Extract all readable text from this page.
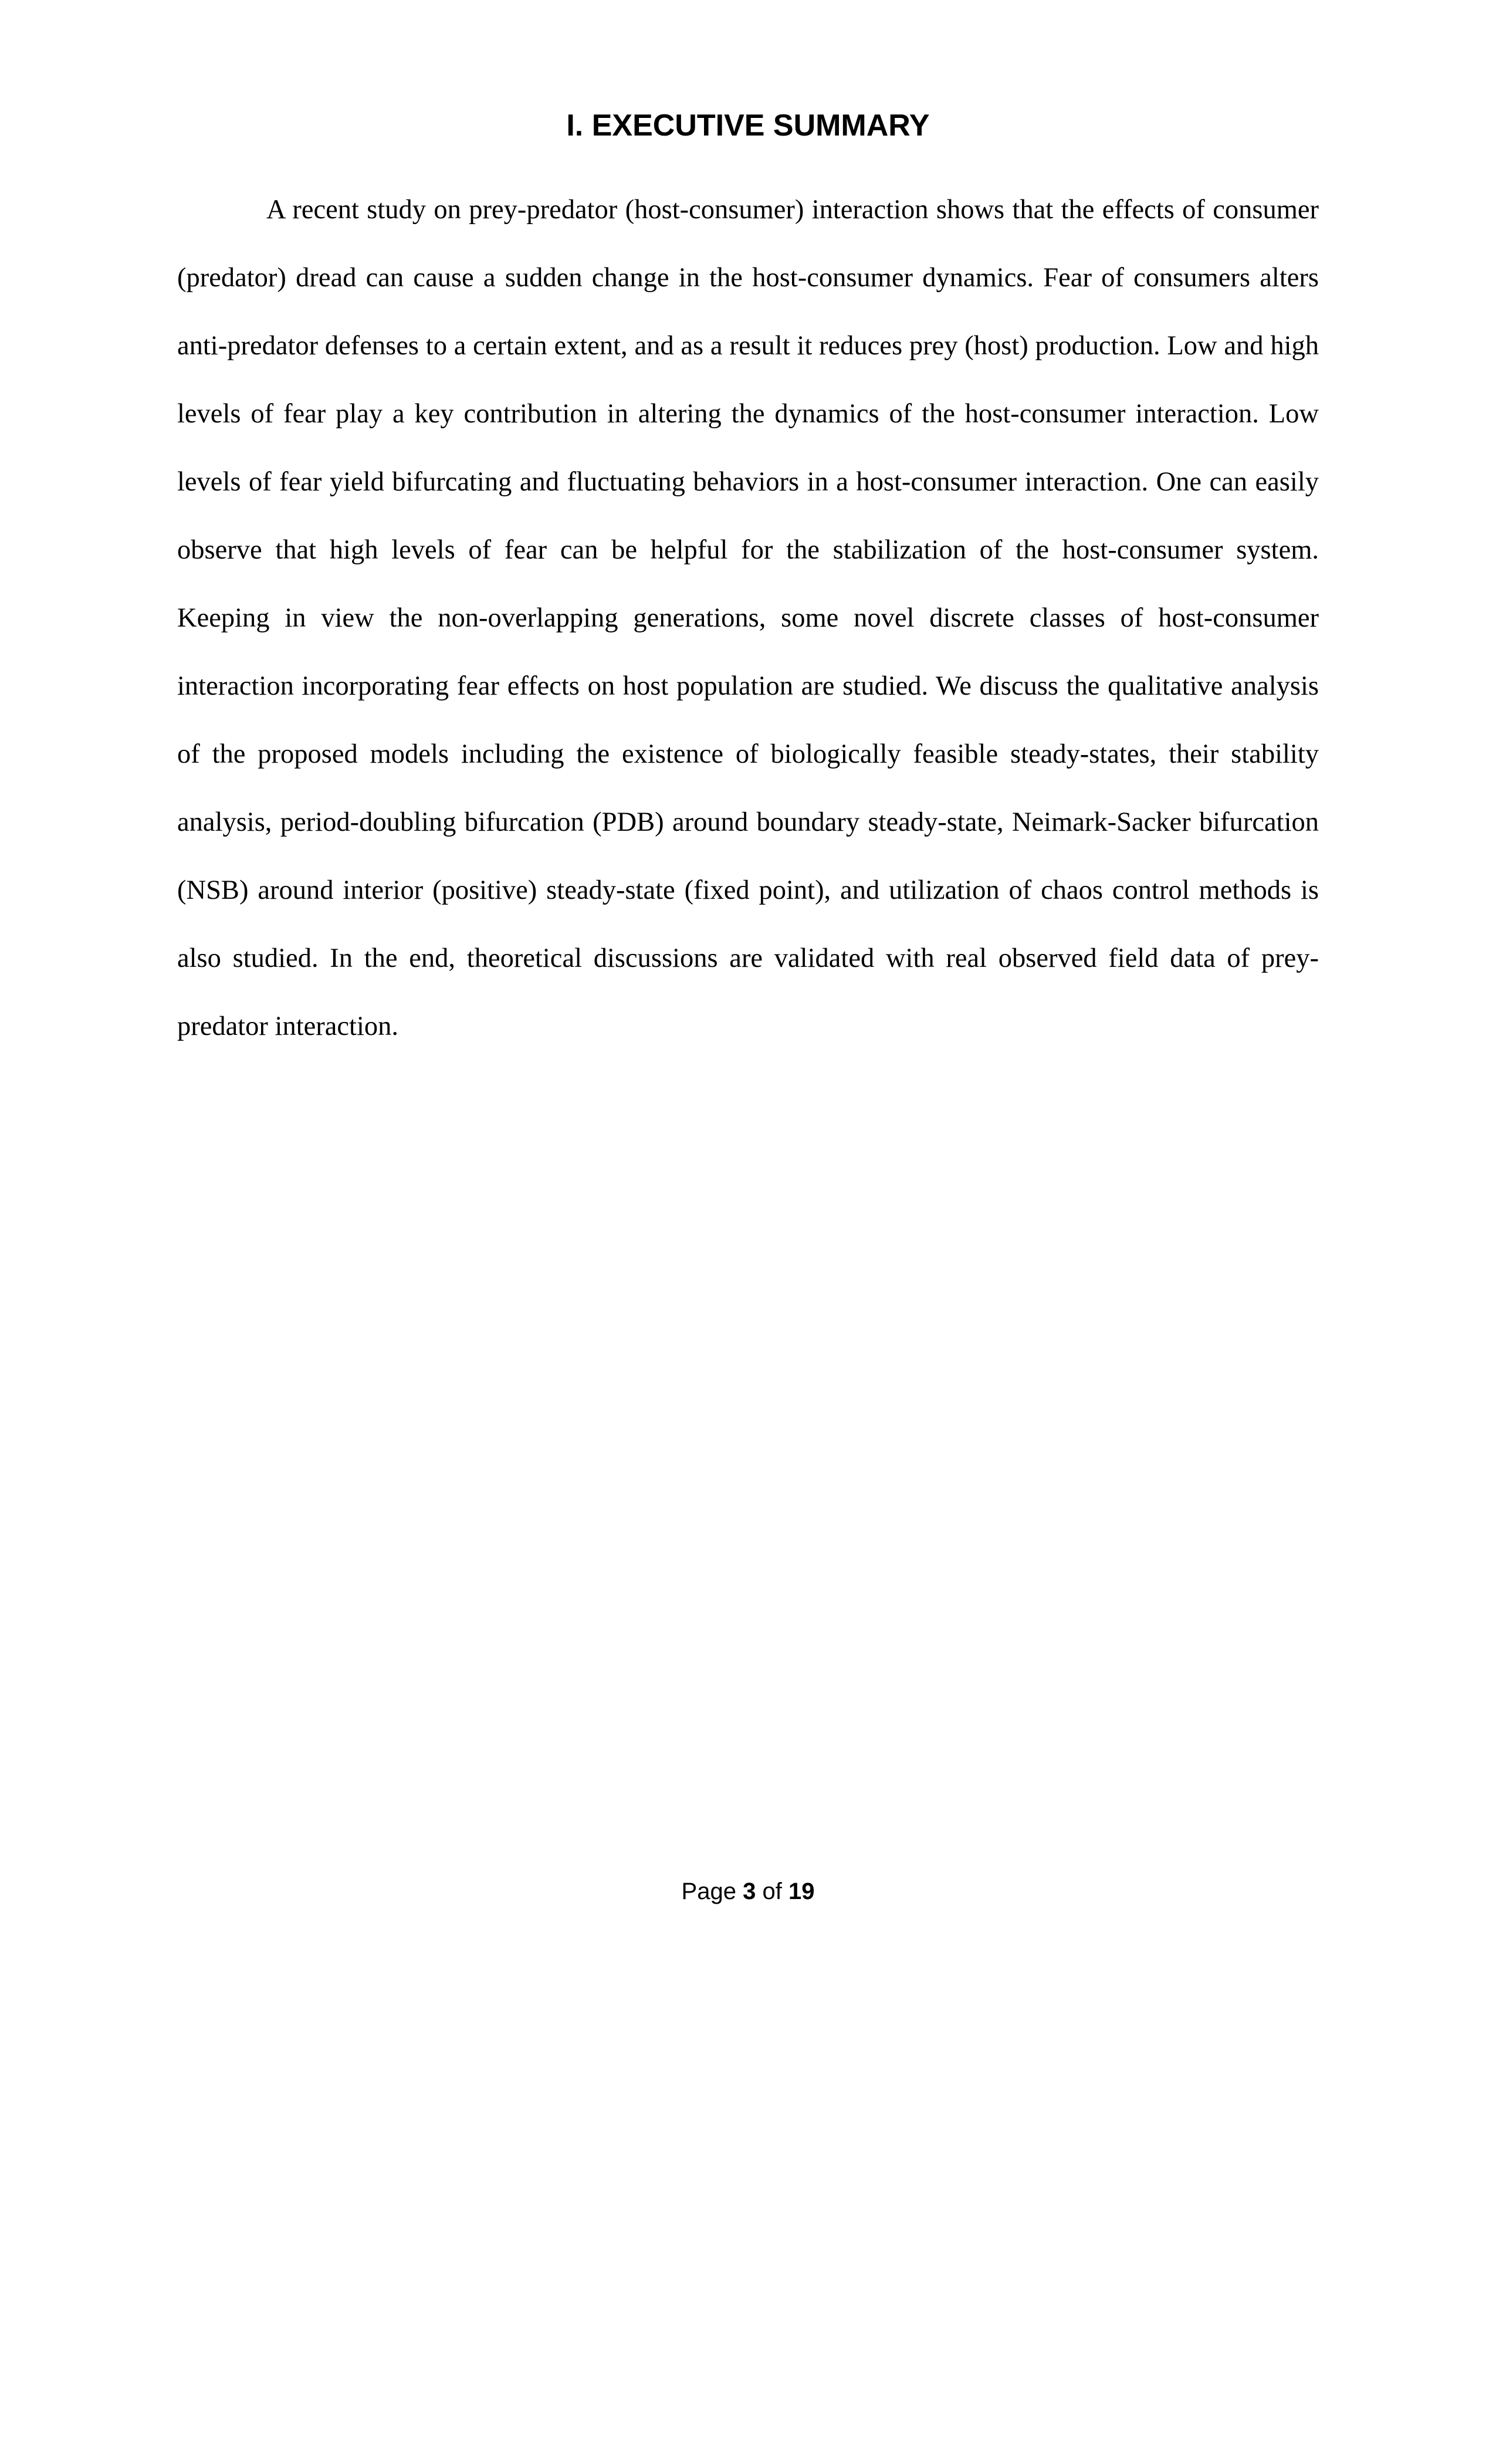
I. EXECUTIVE SUMMARY

A recent study on prey-predator (host-consumer) interaction shows that the effects of consumer (predator) dread can cause a sudden change in the host-consumer dynamics. Fear of consumers alters anti-predator defenses to a certain extent, and as a result it reduces prey (host) production. Low and high levels of fear play a key contribution in altering the dynamics of the host-consumer interaction. Low levels of fear yield bifurcating and fluctuating behaviors in a host-consumer interaction. One can easily observe that high levels of fear can be helpful for the stabilization of the host-consumer system. Keeping in view the non-overlapping generations, some novel discrete classes of host-consumer interaction incorporating fear effects on host population are studied. We discuss the qualitative analysis of the proposed models including the existence of biologically feasible steady-states, their stability analysis, period-doubling bifurcation (PDB) around boundary steady-state, Neimark-Sacker bifurcation (NSB) around interior (positive) steady-state (fixed point), and utilization of chaos control methods is also studied. In the end, theoretical discussions are validated with real observed field data of prey-predator interaction.

Page 3 of 19
